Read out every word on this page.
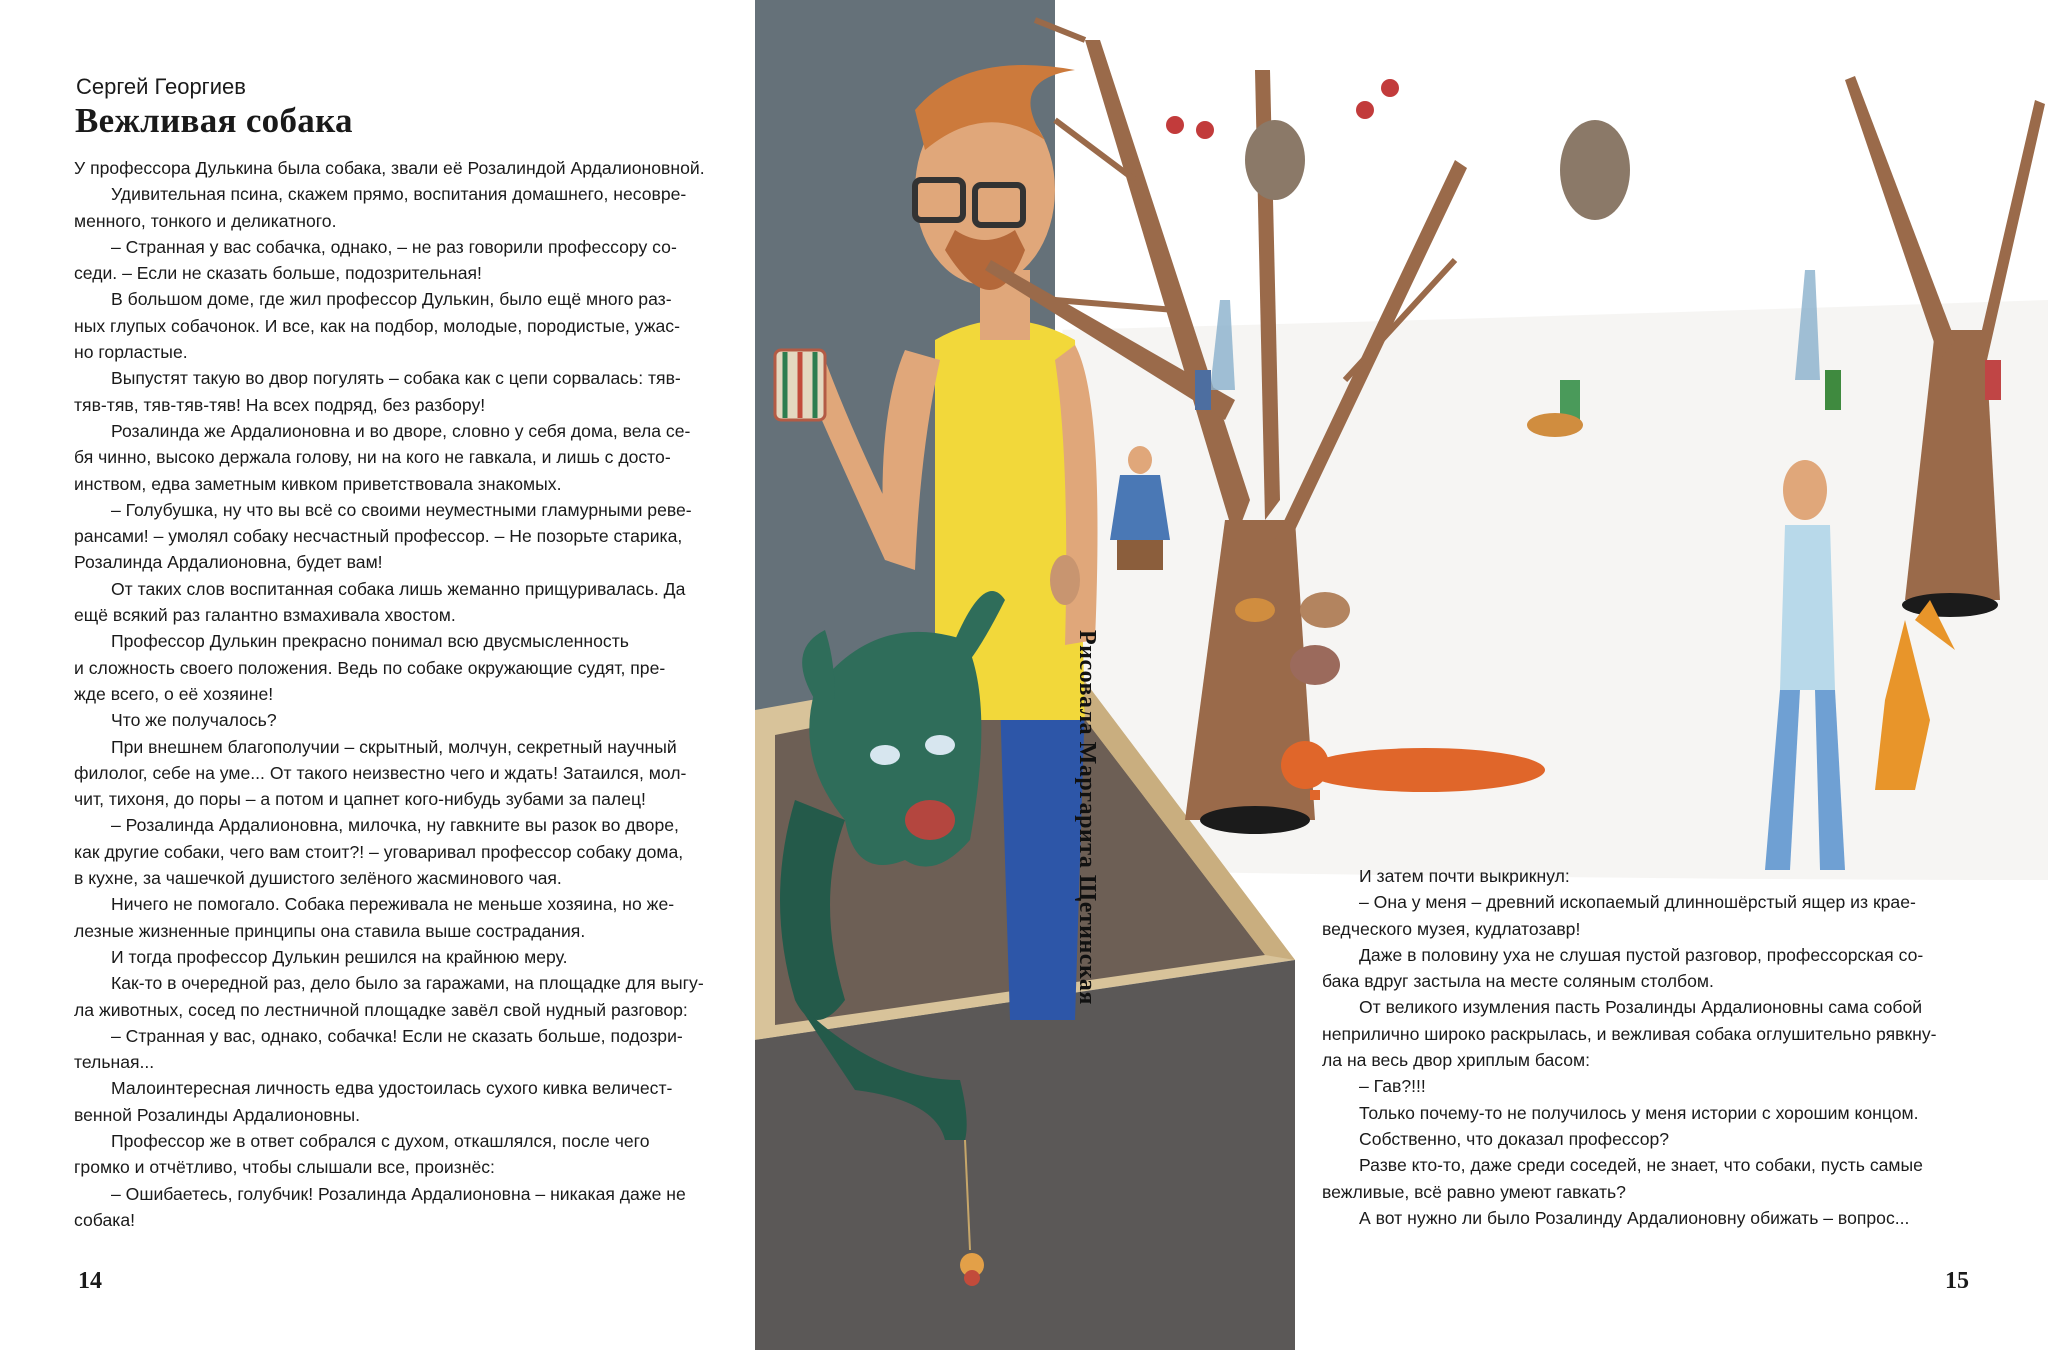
Сергей Георгиев
Вежливая собака
У профессора Дулькина была собака, звали её Розалиндой Ардалионовной.
Удивительная псина, скажем прямо, воспитания домашнего, несовре-
менного, тонкого и деликатного.
– Странная у вас собачка, однако, – не раз говорили профессору со-
седи. – Если не сказать больше, подозрительная!
В большом доме, где жил профессор Дулькин, было ещё много раз-
ных глупых собачонок. И все, как на подбор, молодые, породистые, ужас-
но горластые.
Выпустят такую во двор погулять – собака как с цепи сорвалась: тяв-
тяв-тяв, тяв-тяв-тяв! На всех подряд, без разбору!
Розалинда же Ардалионовна и во дворе, словно у себя дома, вела се-
бя чинно, высоко держала голову, ни на кого не гавкала, и лишь с досто-
инством, едва заметным кивком приветствовала знакомых.
– Голубушка, ну что вы всё со своими неуместными гламурными реве-
рансами! – умолял собаку несчастный профессор. – Не позорьте старика,
Розалинда Ардалионовна, будет вам!
От таких слов воспитанная собака лишь жеманно прищуривалась. Да
ещё всякий раз галантно взмахивала хвостом.
Профессор Дулькин прекрасно понимал всю двусмысленность
и сложность своего положения. Ведь по собаке окружающие судят, пре-
жде всего, о её хозяине!
Что же получалось?
При внешнем благополучии – скрытный, молчун, секретный научный
филолог, себе на уме... От такого неизвестно чего и ждать! Затаился, мол-
чит, тихоня, до поры – а потом и цапнет кого-нибудь зубами за палец!
– Розалинда Ардалионовна, милочка, ну гавкните вы разок во дворе,
как другие собаки, чего вам стоит?! – уговаривал профессор собаку дома,
в кухне, за чашечкой душистого зелёного жасминового чая.
Ничего не помогало. Собака переживала не меньше хозяина, но же-
лезные жизненные принципы она ставила выше сострадания.
И тогда профессор Дулькин решился на крайнюю меру.
Как-то в очередной раз, дело было за гаражами, на площадке для выгу-
ла животных, сосед по лестничной площадке завёл свой нудный разговор:
– Странная у вас, однако, собачка! Если не сказать больше, подозри-
тельная...
Малоинтересная личность едва удостоилась сухого кивка величест-
венной Розалинды Ардалионовны.
Профессор же в ответ собрался с духом, откашлялся, после чего
громко и отчётливо, чтобы слышали все, произнёс:
– Ошибаетесь, голубчик! Розалинда Ардалионовна – никакая даже не
собака!
14
Рисовала Маргарита Щетинская	И затем почти выкрикнул:
– Она у меня – древний ископаемый длинношёрстый ящер из крае-
ведческого музея, кудлатозавр!
Даже в половину уха не слушая пустой разговор, профессорская со-
бака вдруг застыла на месте соляным столбом.
От великого изумления пасть Розалинды Ардалионовны сама собой
неприлично широко раскрылась, и вежливая собака оглушительно рявкну-
ла на весь двор хриплым басом:
– Гав?!!!
Только почему-то не получилось у меня истории с хорошим концом.
Собственно, что доказал профессор?
Разве кто-то, даже среди соседей, не знает, что собаки, пусть самые
вежливые, всё равно умеют гавкать?
А вот нужно ли было Розалинду Ардалионовну обижать – вопрос...
15
